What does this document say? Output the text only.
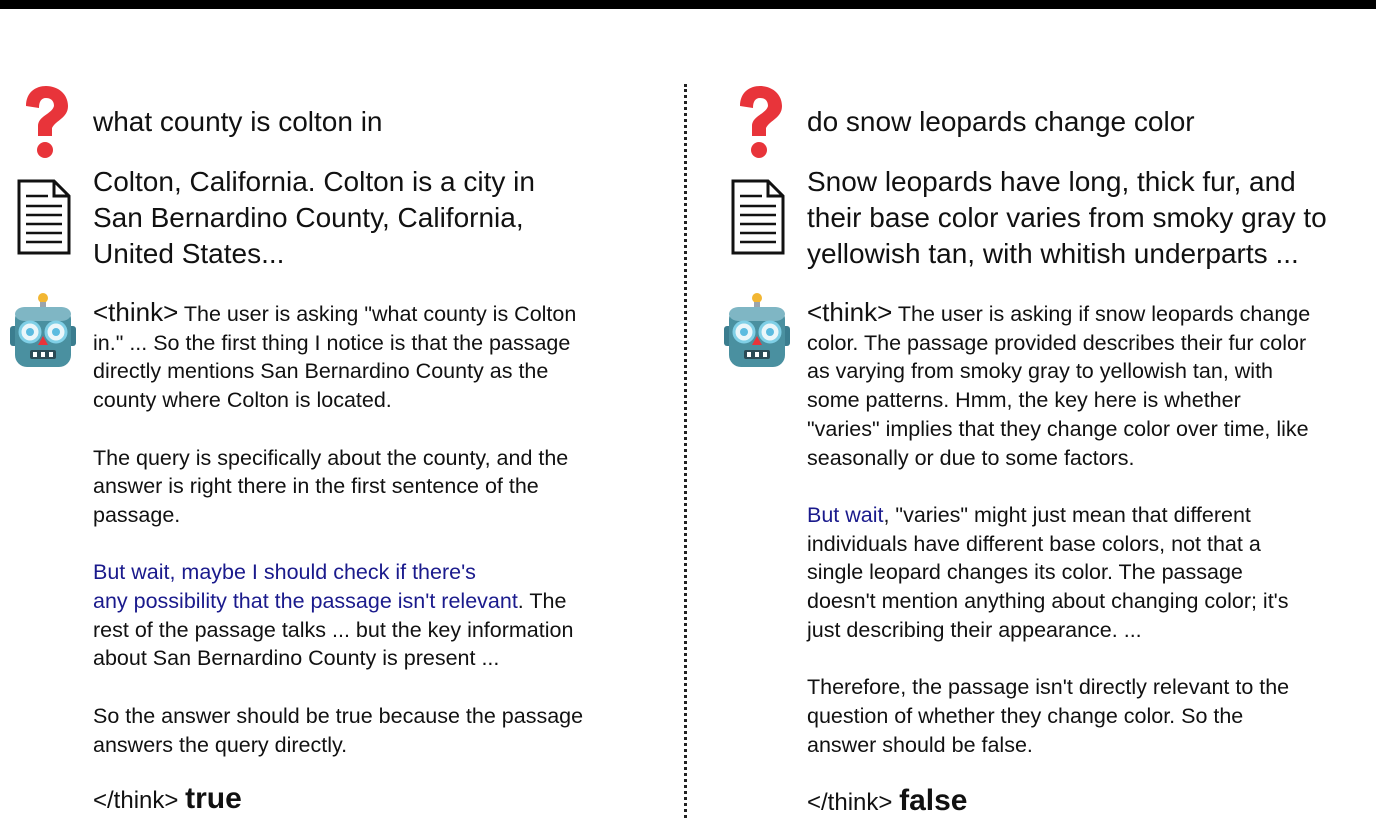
what county is colton in
Colton, California. Colton is a city in
San Bernardino County, California,
United States...

<think> The user is asking "what county is Colton
in." ... So the first thing I notice is that the passage
directly mentions San Bernardino County as the
county where Colton is located.

The query is specifically about the county, and the
answer is right there in the first sentence of the
passage.

But wait, maybe I should check if there's
any possibility that the passage isn't relevant. The
rest of the passage talks ... but the key information
about San Bernardino County is present ...

So the answer should be true because the passage
answers the query directly.

</think> true
do snow leopards change color
Snow leopards have long, thick fur, and
their base color varies from smoky gray to
yellowish tan, with whitish underparts ...

<think> The user is asking if snow leopards change
color. The passage provided describes their fur color
as varying from smoky gray to yellowish tan, with
some patterns. Hmm, the key here is whether
"varies" implies that they change color over time, like
seasonally or due to some factors.

But wait, "varies" might just mean that different
individuals have different base colors, not that a
single leopard changes its color. The passage
doesn't mention anything about changing color; it's
just describing their appearance. ...

Therefore, the passage isn't directly relevant to the
question of whether they change color. So the
answer should be false.

</think> false
